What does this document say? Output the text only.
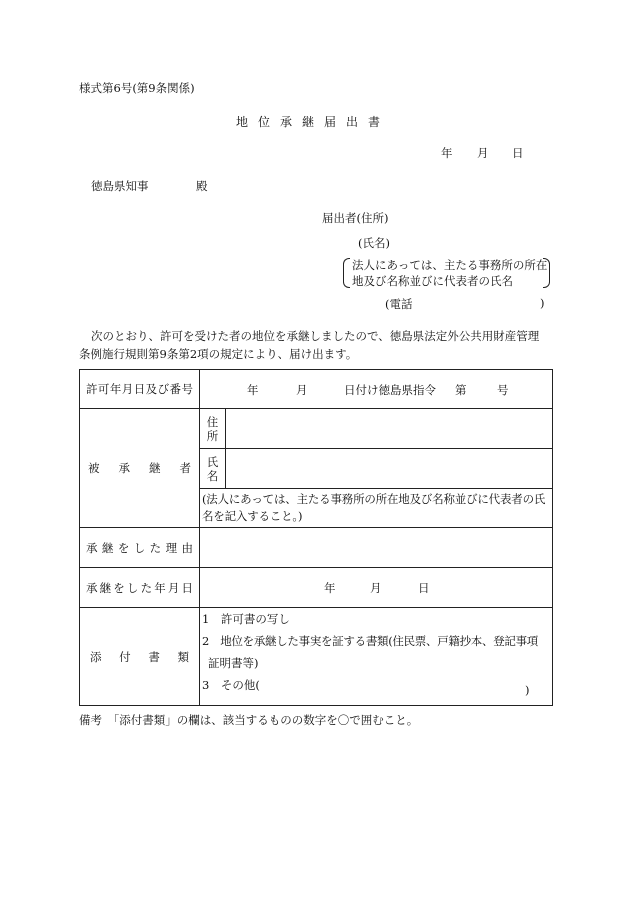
様式第6号(第9条関係)
地位承継届出書
年 月 日
徳島県知事	殿
届出者(住所)
(氏名)
法人にあっては、主たる事務所の所在
地及び名称並びに代表者の氏名
(電話	)
次のとおり、許可を受けた者の地位を承継しましたので、徳島県法定外公共用財産管理
条例施行規則第9条第2項の規定により、届け出ます。
許可年月日及び番号	年 月 日付け徳島県指令 第 号	

被承継者	住所	
	氏名	
	(法人にあっては、主たる事務所の所在地及び名称並びに代表者の氏名を記入すること。)	
承継をした理由		
承継をした年月日	年 月 日	

添付書類	1　許可書の写し
2　地位を承継した事実を証する書類(住民票、戸籍抄本、登記事項
証明書等)
3　その他( )	
備考　「添付書類」の欄は、該当するものの数字を〇で囲むこと。
